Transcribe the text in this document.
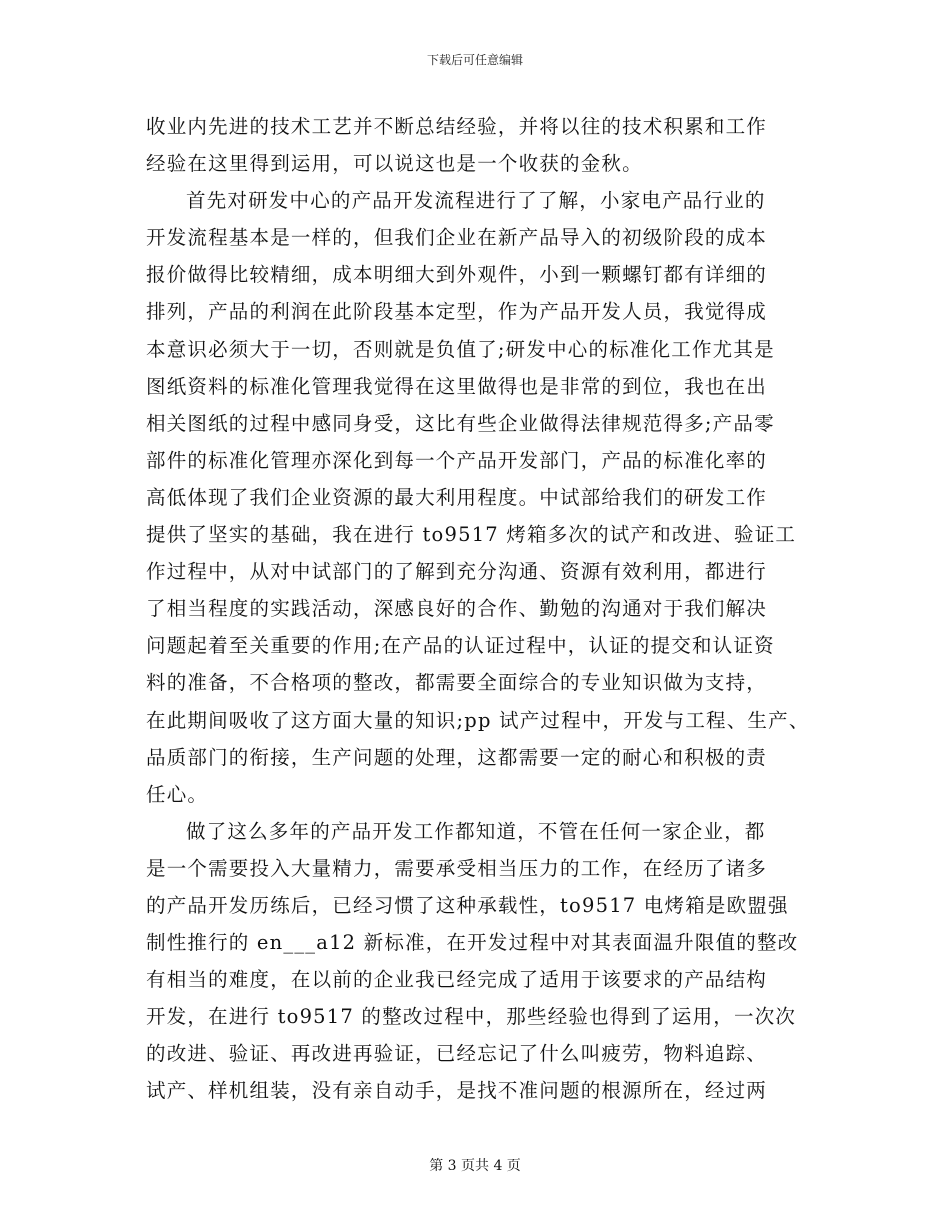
下载后可任意编辑
收业内先进的技术工艺并不断总结经验，并将以往的技术积累和工作
经验在这里得到运用，可以说这也是一个收获的金秋。
首先对研发中心的产品开发流程进行了了解，小家电产品行业的
开发流程基本是一样的，但我们企业在新产品导入的初级阶段的成本
报价做得比较精细，成本明细大到外观件，小到一颗螺钉都有详细的
排列，产品的利润在此阶段基本定型，作为产品开发人员，我觉得成
本意识必须大于一切，否则就是负值了;研发中心的标准化工作尤其是
图纸资料的标准化管理我觉得在这里做得也是非常的到位，我也在出
相关图纸的过程中感同身受，这比有些企业做得法律规范得多;产品零
部件的标准化管理亦深化到每一个产品开发部门，产品的标准化率的
高低体现了我们企业资源的最大利用程度。中试部给我们的研发工作
提供了坚实的基础，我在进行 to9517 烤箱多次的试产和改进、验证工
作过程中，从对中试部门的了解到充分沟通、资源有效利用，都进行
了相当程度的实践活动，深感良好的合作、勤勉的沟通对于我们解决
问题起着至关重要的作用;在产品的认证过程中，认证的提交和认证资
料的准备，不合格项的整改，都需要全面综合的专业知识做为支持，
在此期间吸收了这方面大量的知识;pp 试产过程中，开发与工程、生产、
品质部门的衔接，生产问题的处理，这都需要一定的耐心和积极的责
任心。
做了这么多年的产品开发工作都知道，不管在任何一家企业，都
是一个需要投入大量精力，需要承受相当压力的工作，在经历了诸多
的产品开发历练后，已经习惯了这种承载性，to9517 电烤箱是欧盟强
制性推行的 en___a12 新标准，在开发过程中对其表面温升限值的整改
有相当的难度，在以前的企业我已经完成了适用于该要求的产品结构
开发，在进行 to9517 的整改过程中，那些经验也得到了运用，一次次
的改进、验证、再改进再验证，已经忘记了什么叫疲劳，物料追踪、
试产、样机组装，没有亲自动手，是找不准问题的根源所在，经过两
第 3 页共 4 页
